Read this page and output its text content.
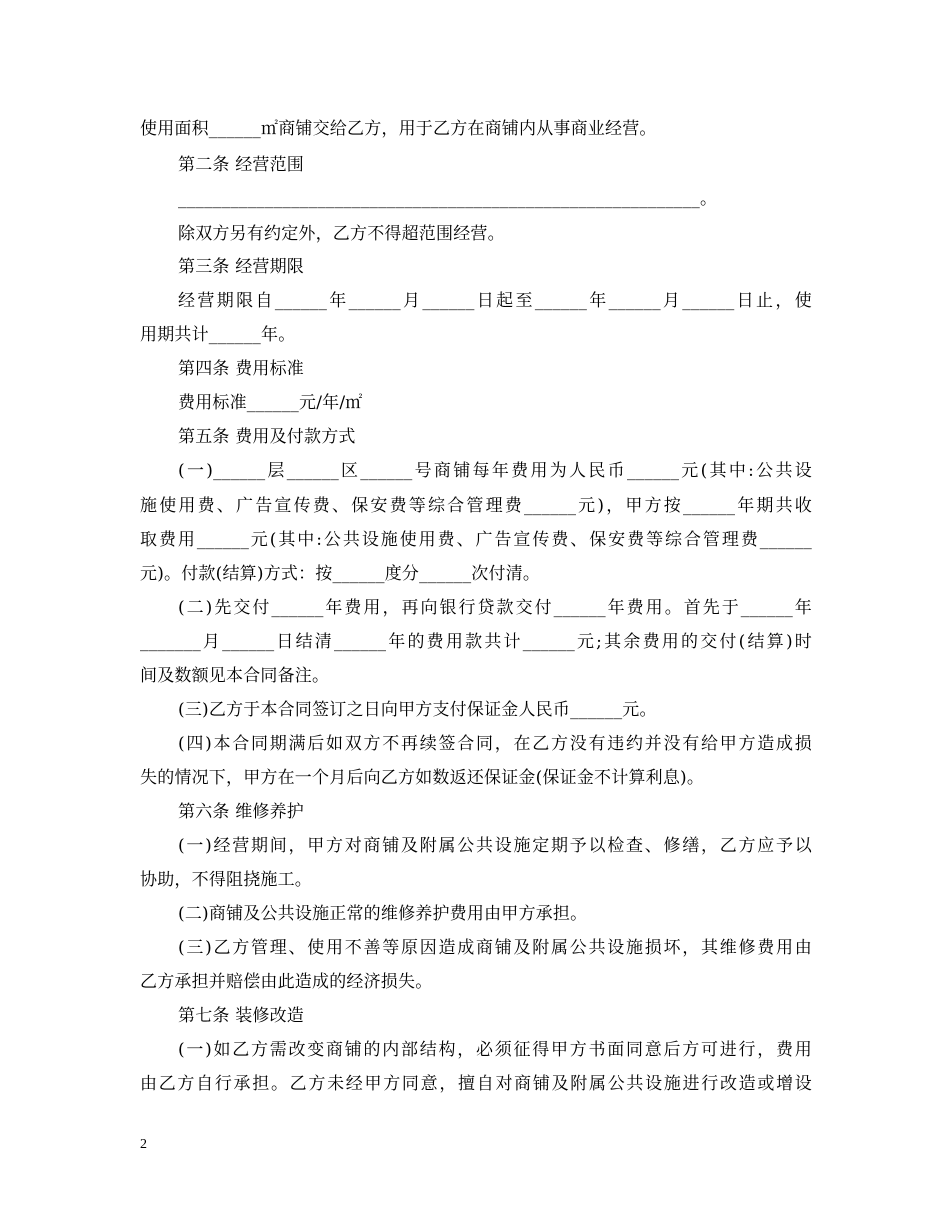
使用面积______㎡商铺交给乙方，用于乙方在商铺内从事商业经营。
第二条 经营范围
____________________________________________________________。
除双方另有约定外，乙方不得超范围经营。
第三条 经营期限
经营期限自______年______月______日起至______年______月______日止，使
用期共计______年。
第四条 费用标准
费用标准______元/年/㎡
第五条 费用及付款方式
(一)______层______区______号商铺每年费用为人民币______元(其中:公共设
施使用费、广告宣传费、保安费等综合管理费______元)，甲方按______年期共收
取费用______元(其中:公共设施使用费、广告宣传费、保安费等综合管理费______
元)。付款(结算)方式：按______度分______次付清。
(二)先交付______年费用，再向银行贷款交付______年费用。首先于______年
_______月______日结清______年的费用款共计______元;其余费用的交付(结算)时
间及数额见本合同备注。
(三)乙方于本合同签订之日向甲方支付保证金人民币______元。
(四)本合同期满后如双方不再续签合同，在乙方没有违约并没有给甲方造成损
失的情况下，甲方在一个月后向乙方如数返还保证金(保证金不计算利息)。
第六条 维修养护
(一)经营期间，甲方对商铺及附属公共设施定期予以检查、修缮，乙方应予以
协助，不得阻挠施工。
(二)商铺及公共设施正常的维修养护费用由甲方承担。
(三)乙方管理、使用不善等原因造成商铺及附属公共设施损坏，其维修费用由
乙方承担并赔偿由此造成的经济损失。
第七条 装修改造
(一)如乙方需改变商铺的内部结构，必须征得甲方书面同意后方可进行，费用
由乙方自行承担。乙方未经甲方同意，擅自对商铺及附属公共设施进行改造或增设
2
